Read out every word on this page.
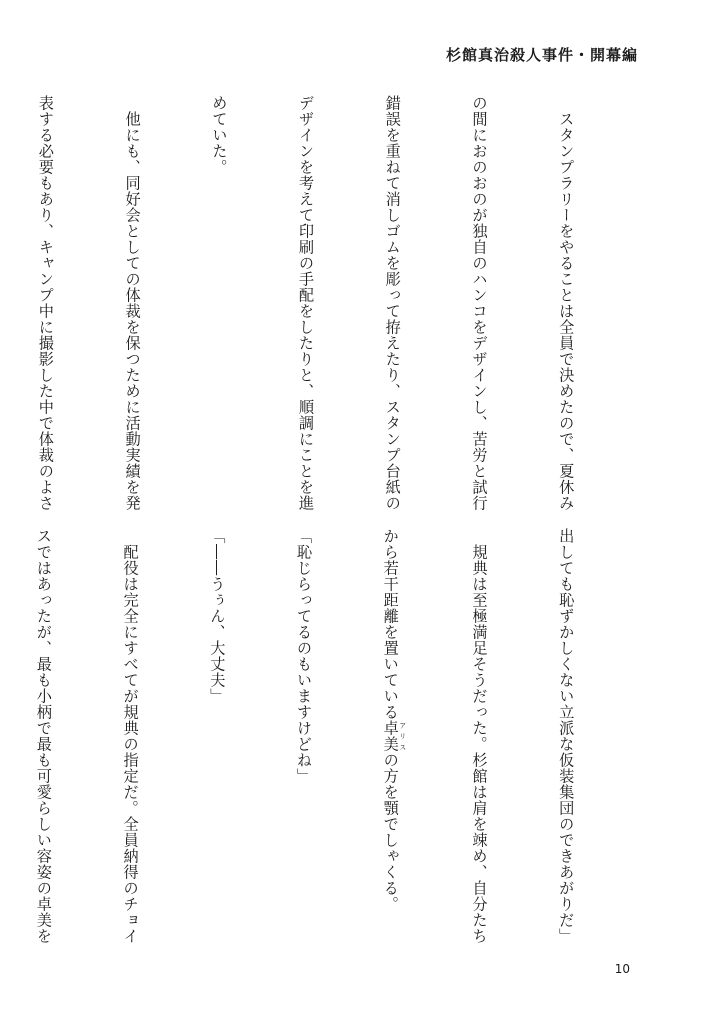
杉館真治殺人事件・開幕編

　スタンプラリーをやることは全員で決めたので、夏休み

の間におのおのが独自のハンコをデザインし、苦労と試行

錯誤を重ねて消しゴムを彫って拵えたり、スタンプ台紙の

デザインを考えて印刷の手配をしたりと、順調にことを進

めていた。

　他にも、同好会としての体裁を保つために活動実績を発

表する必要もあり、キャンプ中に撮影した中で体裁のよさ

出しても恥ずかしくない立派な仮装集団のできあがりだ」

　規典は至極満足そうだった。杉館は肩を竦め、自分たち

から若干距離を置いている卓美 アリスの方を顎でしゃくる。

「恥じらってるのもいますけどね」

「――うぅん、大丈夫」

　配役は完全にすべてが規典の指定だ。全員納得のチョイ

スではあったが、最も小柄で最も可愛らしい容姿の卓美を

10
